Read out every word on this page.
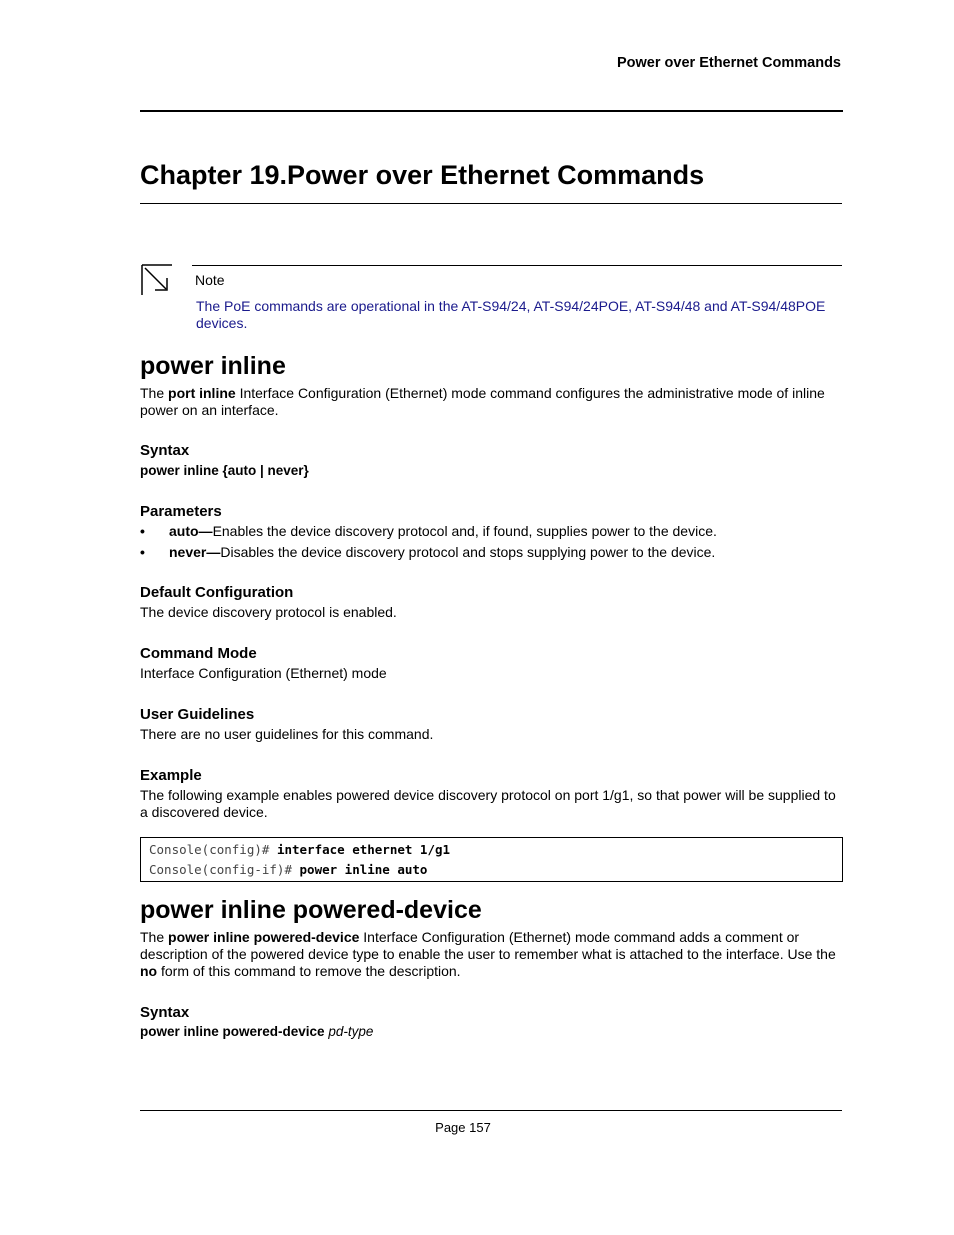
Power over Ethernet Commands
Chapter 19.Power over Ethernet Commands
Note
The PoE commands are operational in the AT-S94/24, AT-S94/24POE, AT-S94/48 and AT-S94/48POE devices.
power inline
The port inline Interface Configuration (Ethernet) mode command configures the administrative mode of inline power on an interface.
Syntax
power inline {auto | never}
Parameters
• auto—Enables the device discovery protocol and, if found, supplies power to the device.
• never—Disables the device discovery protocol and stops supplying power to the device.
Default Configuration
The device discovery protocol is enabled.
Command Mode
Interface Configuration (Ethernet) mode
User Guidelines
There are no user guidelines for this command.
Example
The following example enables powered device discovery protocol on port 1/g1, so that power will be supplied to a discovered device.
Console(config)# interface ethernet 1/g1
Console(config-if)# power inline auto
power inline powered-device
The power inline powered-device Interface Configuration (Ethernet) mode command adds a comment or description of the powered device type to enable the user to remember what is attached to the interface. Use the no form of this command to remove the description.
Syntax
power inline powered-device pd-type
Page 157
